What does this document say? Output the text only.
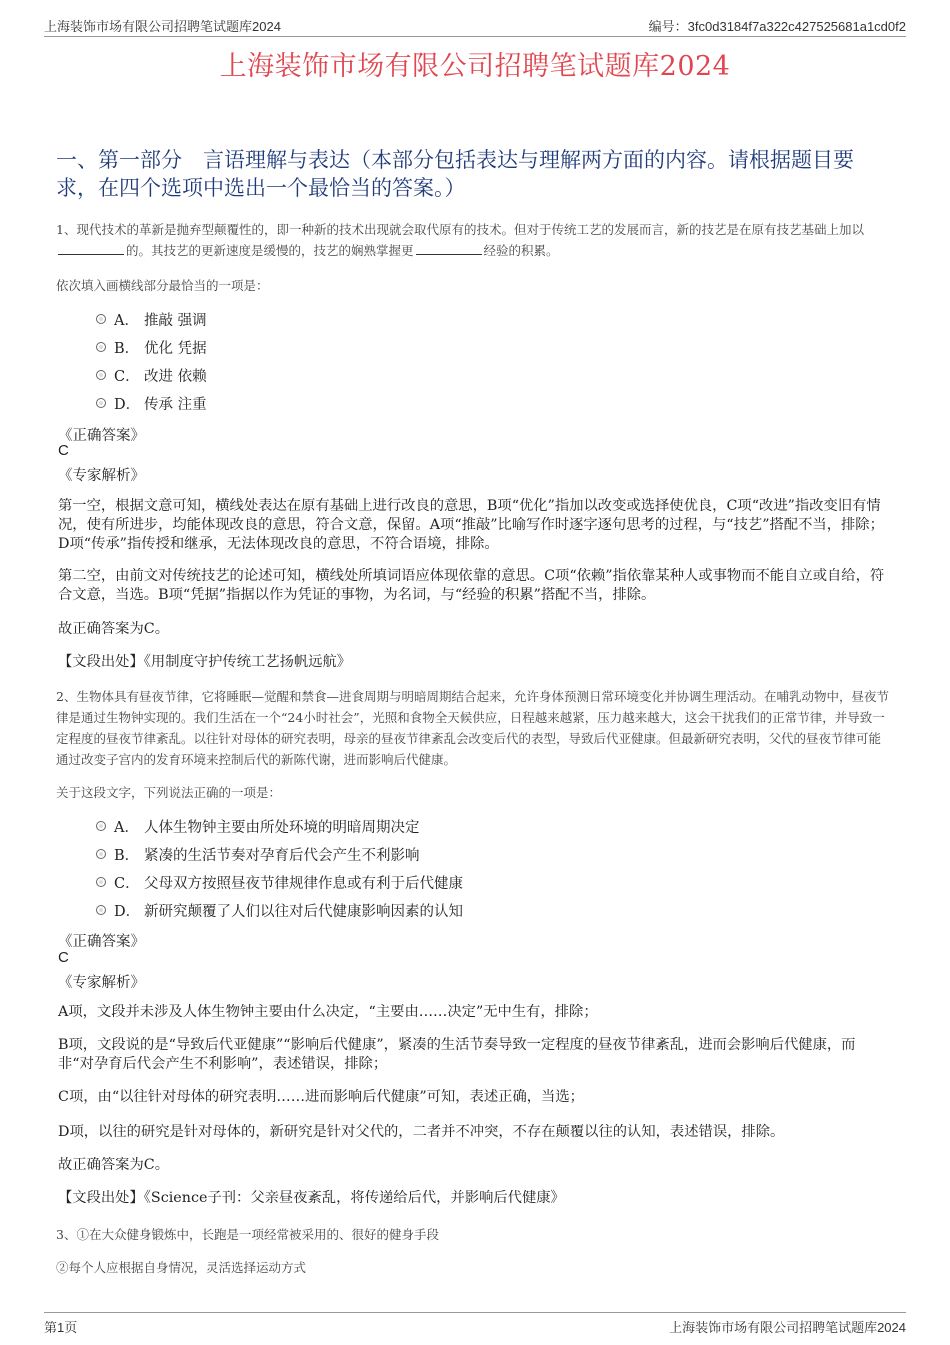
上海装饰市场有限公司招聘笔试题库2024	编号：3fc0d3184f7a322c427525681a1cd0f2
上海装饰市场有限公司招聘笔试题库2024
一、第一部分　言语理解与表达（本部分包括表达与理解两方面的内容。请根据题目要求，在四个选项中选出一个最恰当的答案。）
1、现代技术的革新是抛弃型颠覆性的，即一种新的技术出现就会取代原有的技术。但对于传统工艺的发展而言，新的技艺是在原有技艺基础上加以的。其技艺的更新速度是缓慢的，技艺的娴熟掌握更	经验的积累。
依次填入画横线部分最恰当的一项是：
A． 推敲 强调
B． 优化 凭据
C． 改进 依赖
D． 传承 注重
《正确答案》
C
《专家解析》
第一空，根据文意可知，横线处表达在原有基础上进行改良的意思，B项“优化”指加以改变或选择使优良，C项“改进”指改变旧有情况，使有所进步，均能体现改良的意思，符合文意，保留。A项“推敲”比喻写作时逐字逐句思考的过程，与“技艺”搭配不当，排除；D项“传承”指传授和继承，无法体现改良的意思，不符合语境，排除。
第二空，由前文对传统技艺的论述可知，横线处所填词语应体现依靠的意思。C项“依赖”指依靠某种人或事物而不能自立或自给，符合文意，当选。B项“凭据”指据以作为凭证的事物，为名词，与“经验的积累”搭配不当，排除。
故正确答案为C。
【文段出处】《用制度守护传统工艺扬帆远航》
2、生物体具有昼夜节律，它将睡眠—觉醒和禁食—进食周期与明暗周期结合起来，允许身体预测日常环境变化并协调生理活动。在哺乳动物中，昼夜节律是通过生物钟实现的。我们生活在一个“24小时社会”，光照和食物全天候供应，日程越来越紧，压力越来越大，这会干扰我们的正常节律，并导致一定程度的昼夜节律紊乱。以往针对母体的研究表明，母亲的昼夜节律紊乱会改变后代的表型，导致后代亚健康。但最新研究表明，父代的昼夜节律可能通过改变子宫内的发育环境来控制后代的新陈代谢，进而影响后代健康。
关于这段文字，下列说法正确的一项是：
A． 人体生物钟主要由所处环境的明暗周期决定
B． 紧凑的生活节奏对孕育后代会产生不利影响
C． 父母双方按照昼夜节律规律作息或有利于后代健康
D． 新研究颠覆了人们以往对后代健康影响因素的认知
《正确答案》
C
《专家解析》
A项，文段并未涉及人体生物钟主要由什么决定，“主要由……决定”无中生有，排除；
B项，文段说的是“导致后代亚健康”“影响后代健康”，紧凑的生活节奏导致一定程度的昼夜节律紊乱，进而会影响后代健康，而非“对孕育后代会产生不利影响”，表述错误，排除；
C项，由“以往针对母体的研究表明……进而影响后代健康”可知，表述正确，当选；
D项，以往的研究是针对母体的，新研究是针对父代的，二者并不冲突，不存在颠覆以往的认知，表述错误，排除。
故正确答案为C。
【文段出处】《Science子刊：父亲昼夜紊乱，将传递给后代，并影响后代健康》
3、①在大众健身锻炼中，长跑是一项经常被采用的、很好的健身手段
②每个人应根据自身情况，灵活选择运动方式
第1页	上海装饰市场有限公司招聘笔试题库2024
